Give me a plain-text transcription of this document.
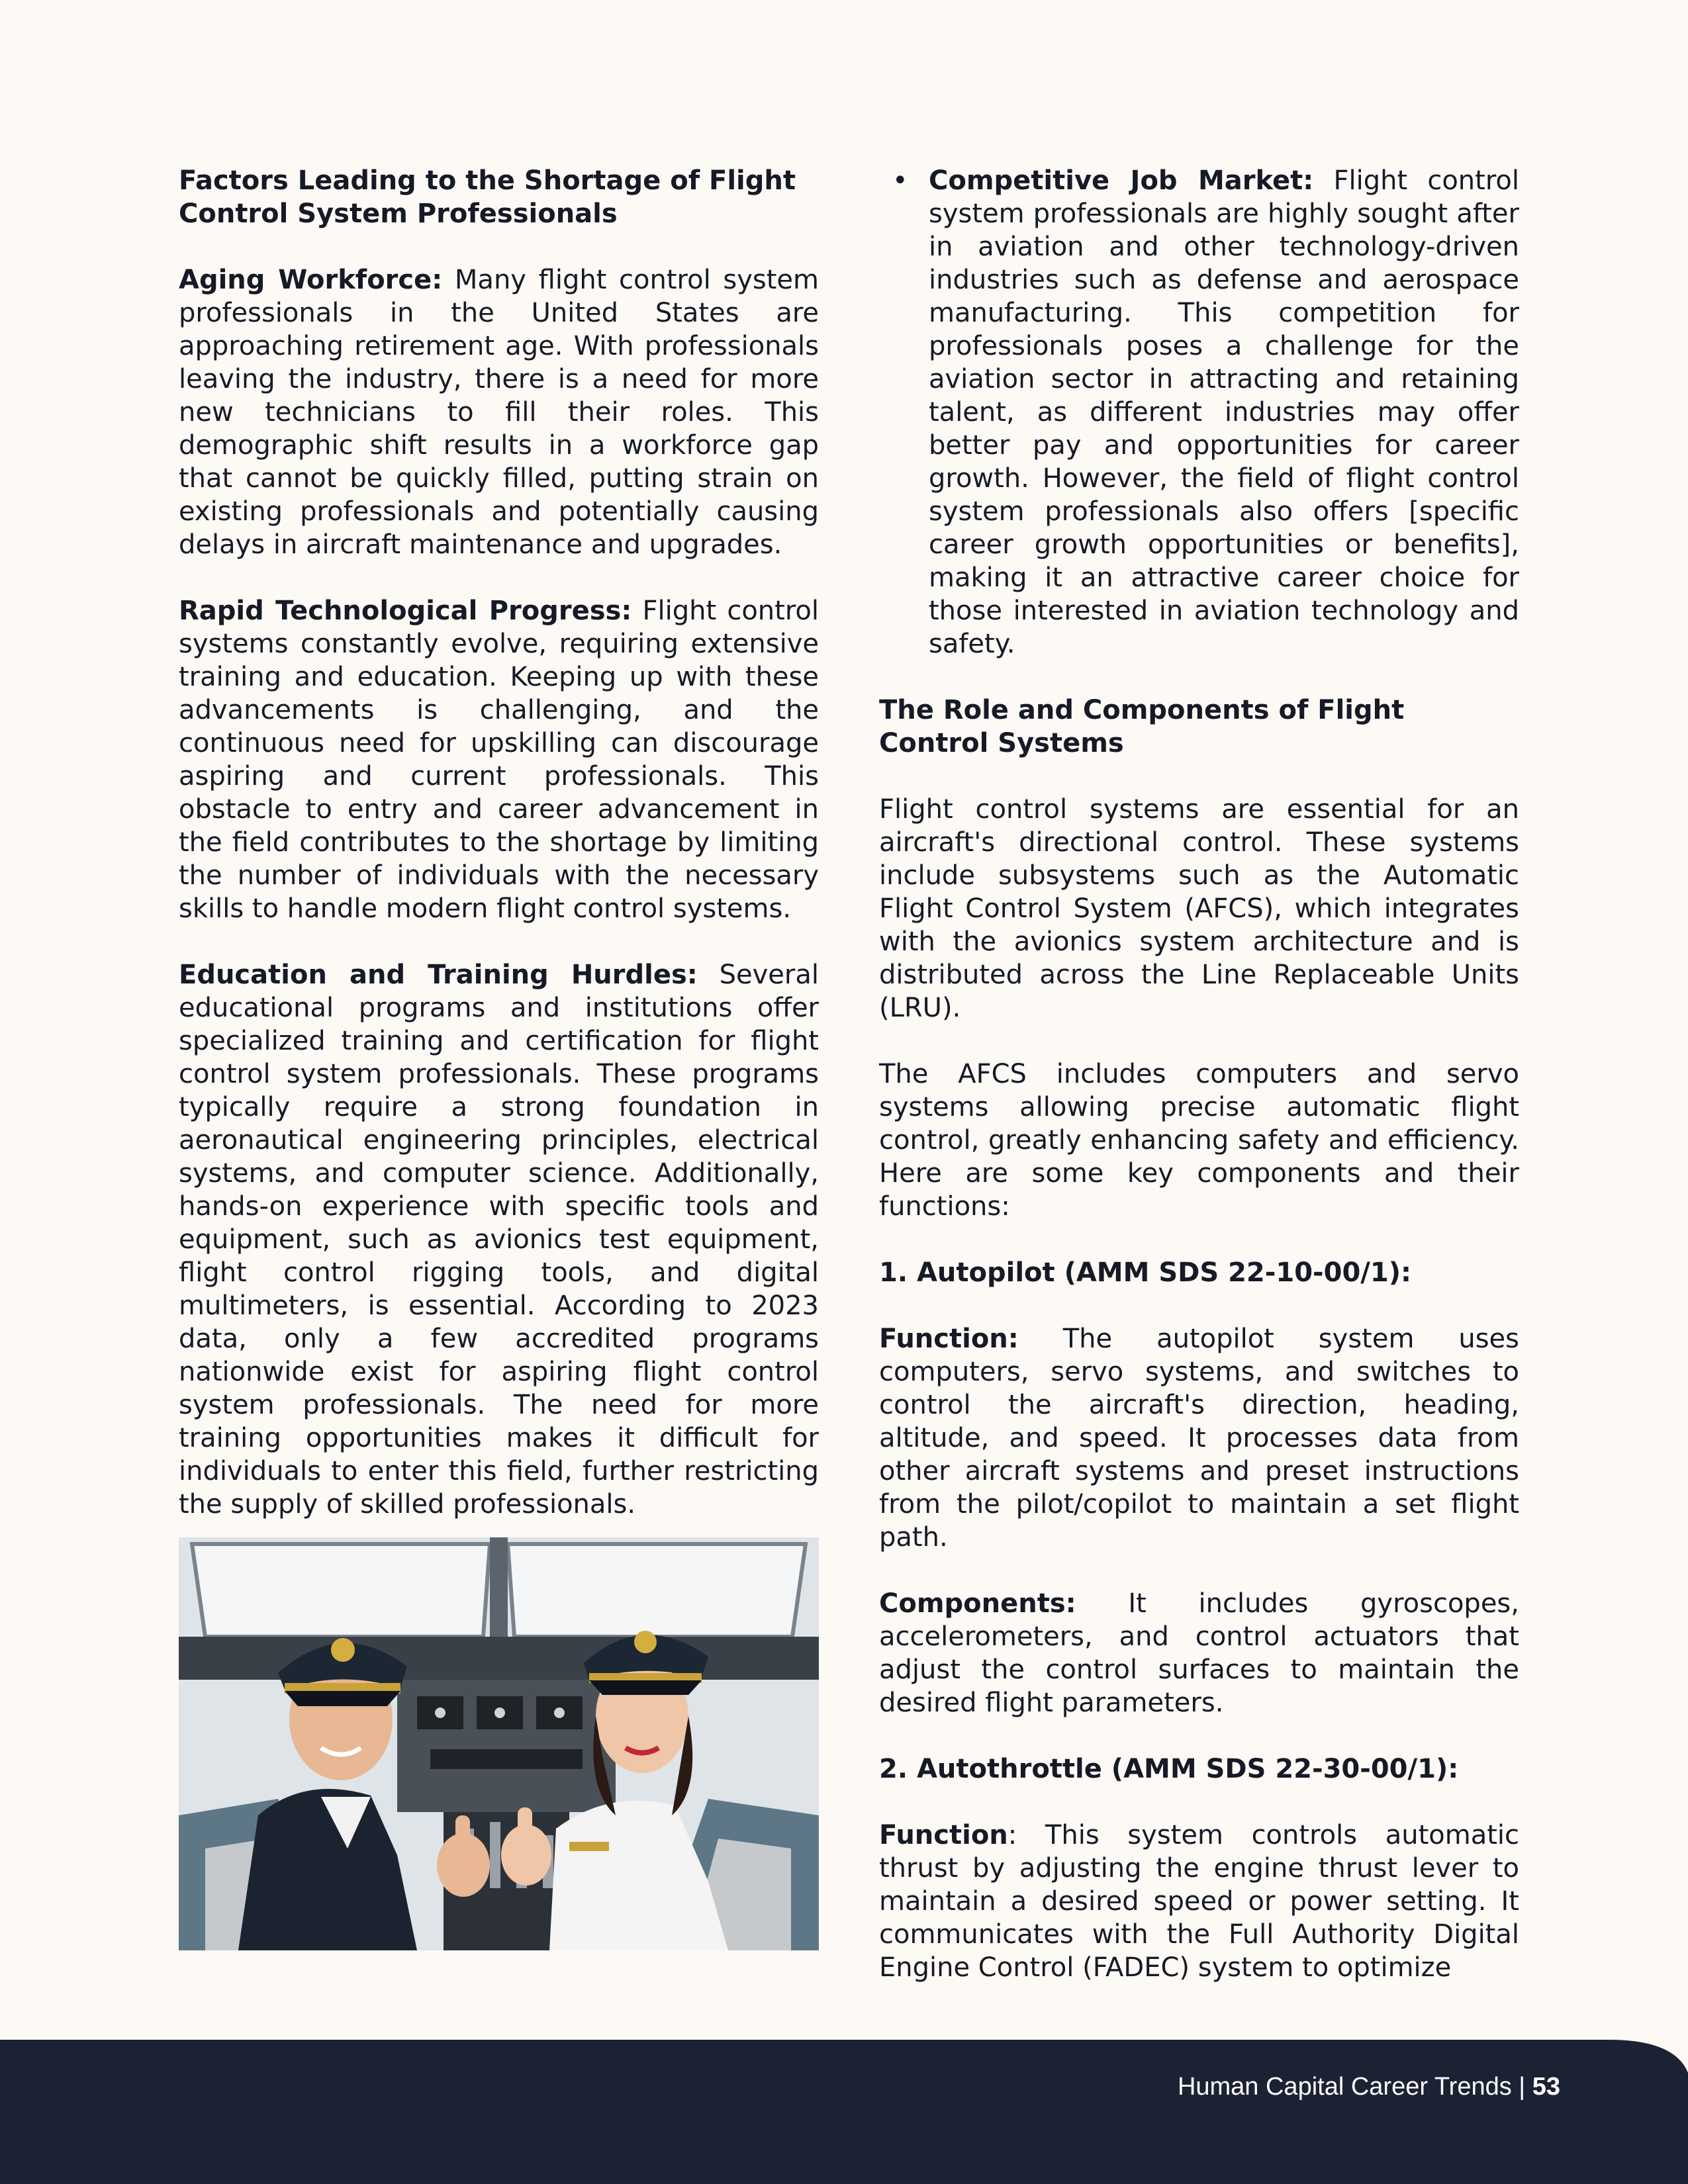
Factors Leading to the Shortage of Flight Control System Professionals

Aging Workforce: Many flight control system professionals in the United States are approaching retirement age. With professionals leaving the industry, there is a need for more new technicians to fill their roles. This demographic shift results in a workforce gap that cannot be quickly filled, putting strain on existing professionals and potentially causing delays in aircraft maintenance and upgrades.

Rapid Technological Progress: Flight control systems constantly evolve, requiring extensive training and education. Keeping up with these advancements is challenging, and the continuous need for upskilling can discourage aspiring and current professionals. This obstacle to entry and career advancement in the field contributes to the shortage by limiting the number of individuals with the necessary skills to handle modern flight control systems.

Education and Training Hurdles: Several educational programs and institutions offer specialized training and certification for flight control system professionals. These programs typically require a strong foundation in aeronautical engineering principles, electrical systems, and computer science. Additionally, hands-on experience with specific tools and equipment, such as avionics test equipment, flight control rigging tools, and digital multimeters, is essential. According to 2023 data, only a few accredited programs nationwide exist for aspiring flight control system professionals. The need for more training opportunities makes it difficult for individuals to enter this field, further restricting the supply of skilled professionals.

• Competitive Job Market: Flight control system professionals are highly sought after in aviation and other technology-driven industries such as defense and aerospace manufacturing. This competition for professionals poses a challenge for the aviation sector in attracting and retaining talent, as different industries may offer better pay and opportunities for career growth. However, the field of flight control system professionals also offers [specific career growth opportunities or benefits], making it an attractive career choice for those interested in aviation technology and safety.

The Role and Components of Flight Control Systems

Flight control systems are essential for an aircraft's directional control. These systems include subsystems such as the Automatic Flight Control System (AFCS), which integrates with the avionics system architecture and is distributed across the Line Replaceable Units (LRU).

The AFCS includes computers and servo systems allowing precise automatic flight control, greatly enhancing safety and efficiency. Here are some key components and their functions:

1. Autopilot (AMM SDS 22-10-00/1):

Function: The autopilot system uses computers, servo systems, and switches to control the aircraft's direction, heading, altitude, and speed. It processes data from other aircraft systems and preset instructions from the pilot/copilot to maintain a set flight path.

Components: It includes gyroscopes, accelerometers, and control actuators that adjust the control surfaces to maintain the desired flight parameters.

2. Autothrottle (AMM SDS 22-30-00/1):

Function: This system controls automatic thrust by adjusting the engine thrust lever to maintain a desired speed or power setting. It communicates with the Full Authority Digital Engine Control (FADEC) system to optimize

Human Capital Career Trends | 53
